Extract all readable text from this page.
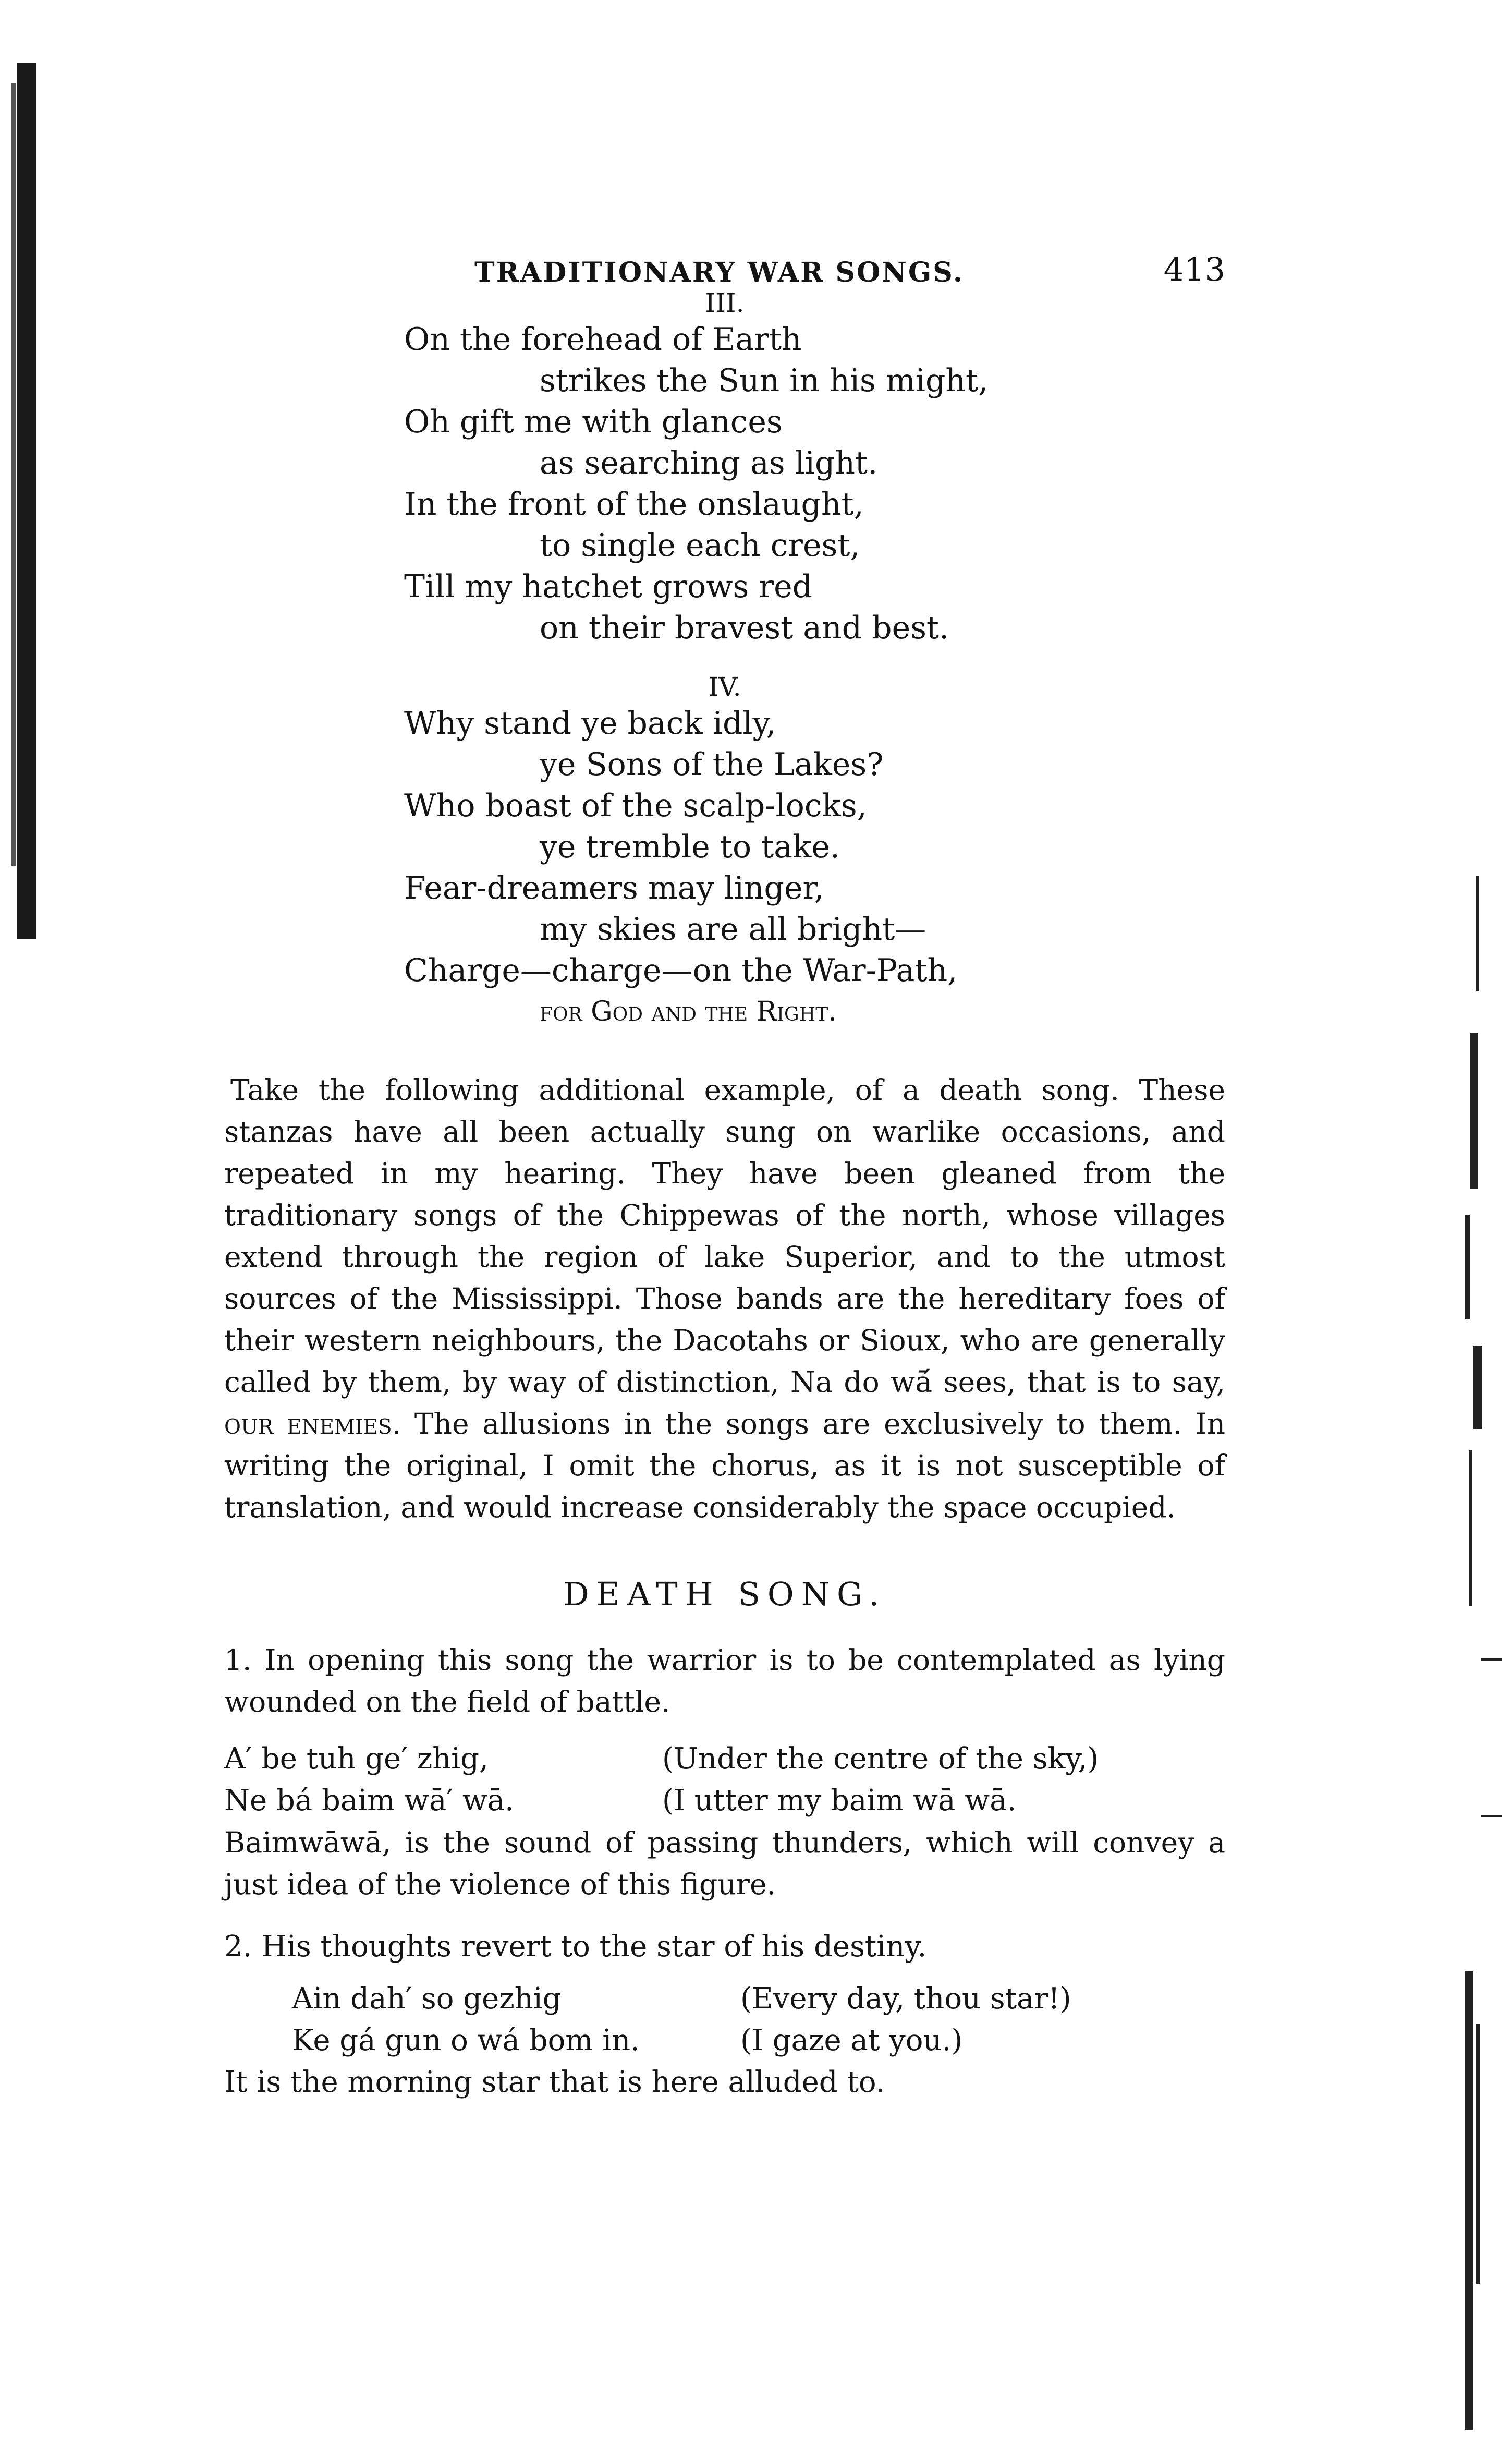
TRADITIONARY WAR SONGS.	413
III.
On the forehead of Earth
strikes the Sun in his might,
Oh gift me with glances
as searching as light.
In the front of the onslaught,
to single each crest,
Till my hatchet grows red
on their bravest and best.
IV.
Why stand ye back idly,
ye Sons of the Lakes?
Who boast of the scalp-locks,
ye tremble to take.
Fear-dreamers may linger,
my skies are all bright—
Charge—charge—on the War-Path,
for God and the Right.

Take the following additional example, of a death song. These stanzas have all been actually sung on warlike occasions, and repeated in my hearing. They have been gleaned from the traditionary songs of the Chippewas of the north, whose villages extend through the region of lake Superior, and to the utmost sources of the Mississippi. Those bands are the hereditary foes of their western neighbours, the Dacotahs or Sioux, who are generally called by them, by way of distinction, Na do wā́ sees, that is to say, our enemies. The allusions in the songs are exclusively to them. In writing the original, I omit the chorus, as it is not susceptible of translation, and would increase considerably the space occupied.

DEATH SONG.

1. In opening this song the warrior is to be contemplated as lying wounded on the field of battle.

A′ be tuh ge′ zhig,	(Under the centre of the sky,)
Ne bá baim wā′ wā.	(I utter my baim wā wā.

Baimwāwā, is the sound of passing thunders, which will convey a just idea of the violence of this figure.

2. His thoughts revert to the star of his destiny.
Ain dah′ so gezhig	(Every day, thou star!)
Ke gá gun o wá bom in.	(I gaze at you.)
It is the morning star that is here alluded to.
